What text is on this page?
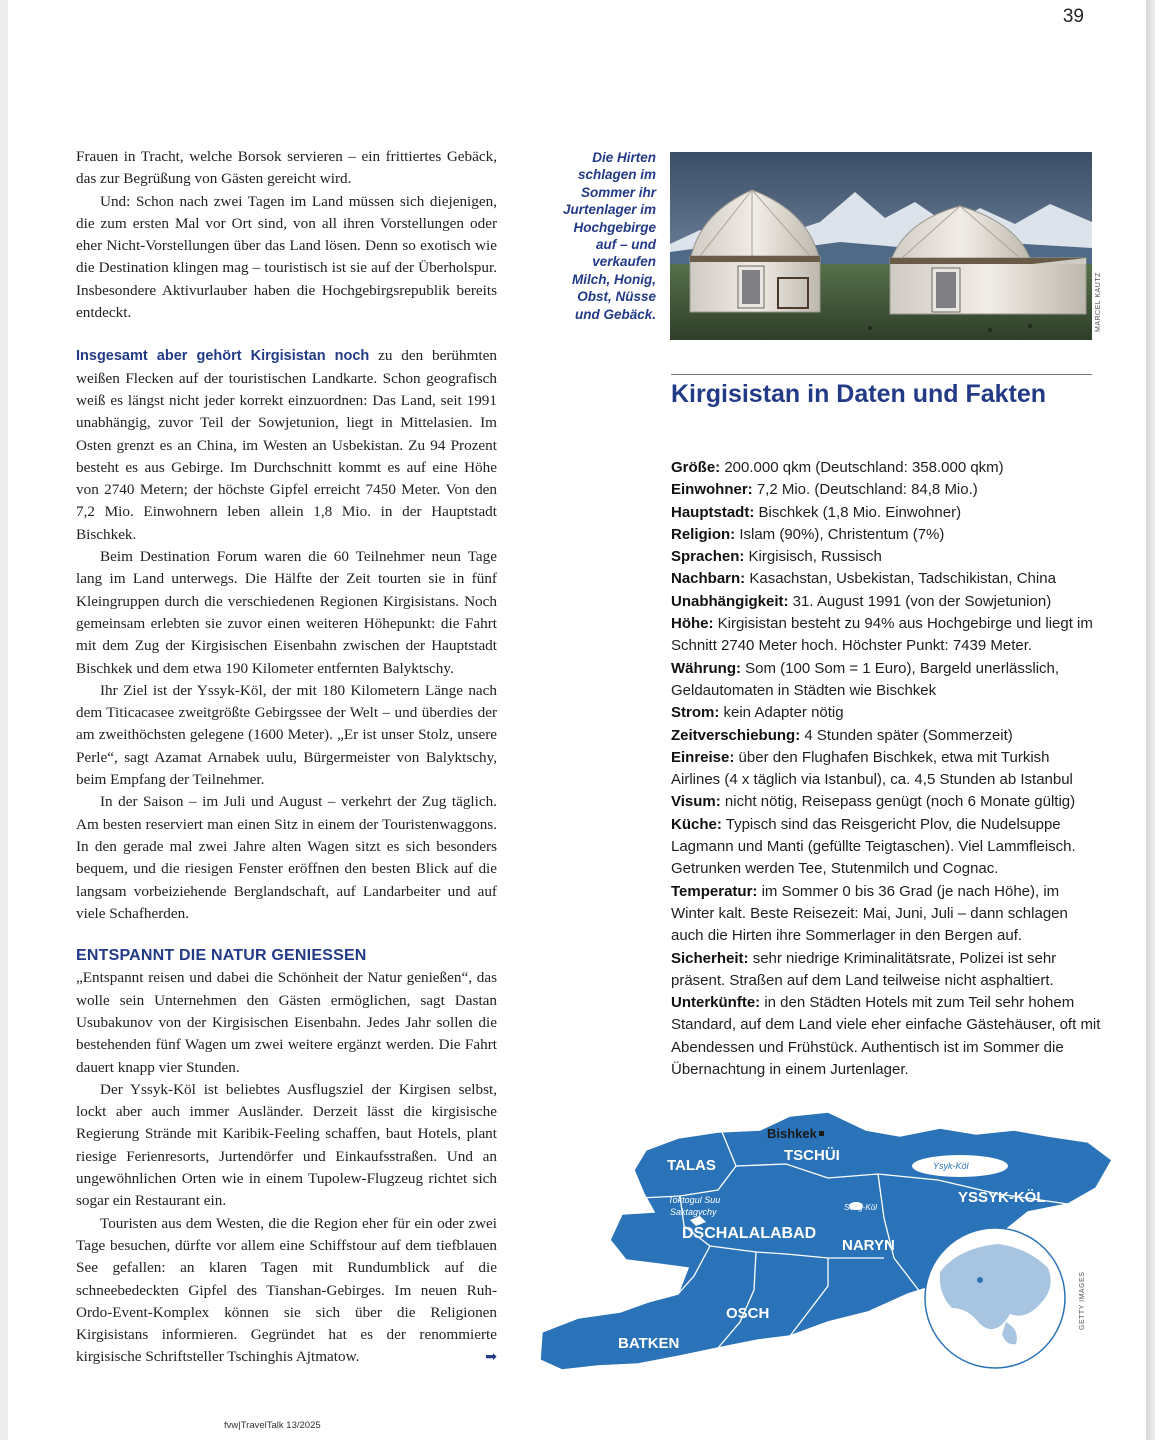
39

Frauen in Tracht, welche Borsok servieren – ein frittiertes Gebäck, das zur Begrüßung von Gästen gereicht wird.

Und: Schon nach zwei Tagen im Land müssen sich diejenigen, die zum ersten Mal vor Ort sind, von all ihren Vorstellungen oder eher Nicht-Vorstellungen über das Land lösen. Denn so exotisch wie die Destination klingen mag – touristisch ist sie auf der Überholspur. Insbesondere Aktivurlauber haben die Hochgebirgsrepublik bereits entdeckt.

Insgesamt aber gehört Kirgisistan noch zu den berühmten weißen Flecken auf der touristischen Landkarte. Schon geografisch weiß es längst nicht jeder korrekt einzuordnen: Das Land, seit 1991 unabhängig, zuvor Teil der Sowjetunion, liegt in Mittelasien. Im Osten grenzt es an China, im Westen an Usbekistan. Zu 94 Prozent besteht es aus Gebirge. Im Durchschnitt kommt es auf eine Höhe von 2740 Metern; der höchste Gipfel erreicht 7450 Meter. Von den 7,2 Mio. Einwohnern leben allein 1,8 Mio. in der Hauptstadt Bischkek.

Beim Destination Forum waren die 60 Teilnehmer neun Tage lang im Land unterwegs. Die Hälfte der Zeit tourten sie in fünf Kleingruppen durch die verschiedenen Regionen Kirgisistans. Noch gemeinsam erlebten sie zuvor einen weiteren Höhepunkt: die Fahrt mit dem Zug der Kirgisischen Eisenbahn zwischen der Hauptstadt Bischkek und dem etwa 190 Kilometer entfernten Balyktschy.

Ihr Ziel ist der Yssyk-Köl, der mit 180 Kilometern Länge nach dem Titicacasee zweitgrößte Gebirgssee der Welt – und überdies der am zweithöchsten gelegene (1600 Meter). „Er ist unser Stolz, unsere Perle“, sagt Azamat Arnabek uulu, Bürgermeister von Balyktschy, beim Empfang der Teilnehmer.

In der Saison – im Juli und August – verkehrt der Zug täglich. Am besten reserviert man einen Sitz in einem der Touristenwaggons. In den gerade mal zwei Jahre alten Wagen sitzt es sich besonders bequem, und die riesigen Fenster eröffnen den besten Blick auf die langsam vorbeiziehende Berglandschaft, auf Landarbeiter und auf viele Schafherden.

ENTSPANNT DIE NATUR GENIESSEN

„Entspannt reisen und dabei die Schönheit der Natur genießen“, das wolle sein Unternehmen den Gästen ermöglichen, sagt Dastan Usubakunov von der Kirgisischen Eisenbahn. Jedes Jahr sollen die bestehenden fünf Wagen um zwei weitere ergänzt werden. Die Fahrt dauert knapp vier Stunden.

Der Yssyk-Köl ist beliebtes Ausflugsziel der Kirgisen selbst, lockt aber auch immer Ausländer. Derzeit lässt die kirgisische Regierung Strände mit Karibik-Feeling schaffen, baut Hotels, plant riesige Ferienresorts, Jurtendörfer und Einkaufsstraßen. Und an ungewöhnlichen Orten wie in einem Tupolew-Flugzeug richtet sich sogar ein Restaurant ein.

Touristen aus dem Westen, die die Region eher für ein oder zwei Tage besuchen, dürfte vor allem eine Schiffstour auf dem tiefblauen See gefallen: an klaren Tagen mit Rundumblick auf die schneebedeckten Gipfel des Tianshan-Gebirges. Im neuen Ruh-Ordo-Event-Komplex können sie sich über die Religionen Kirgisistans informieren. Gegründet hat es der renommierte kirgisische Schriftsteller Tschinghis Ajtmatow.	➡

Die Hirten schlagen im Sommer ihr Jurtenlager im Hochgebirge auf – und verkaufen Milch, Honig, Obst, Nüsse und Gebäck.	MARCEL KAUTZ
Kirgisistan in Daten und Fakten

Größe: 200.000 qkm (Deutschland: 358.000 qkm)

Einwohner: 7,2 Mio. (Deutschland: 84,8 Mio.)

Hauptstadt: Bischkek (1,8 Mio. Einwohner)

Religion: Islam (90%), Christentum (7%)

Sprachen: Kirgisisch, Russisch

Nachbarn: Kasachstan, Usbekistan, Tadschikistan, China

Unabhängigkeit: 31. August 1991 (von der Sowjetunion)

Höhe: Kirgisistan besteht zu 94% aus Hochgebirge und liegt im Schnitt 2740 Meter hoch. Höchster Punkt: 7439 Meter.

Währung: Som (100 Som = 1 Euro), Bargeld unerlässlich, Geldautomaten in Städten wie Bischkek

Strom: kein Adapter nötig

Zeitverschiebung: 4 Stunden später (Sommerzeit)

Einreise: über den Flughafen Bischkek, etwa mit Turkish Airlines (4 x täglich via Istanbul), ca. 4,5 Stunden ab Istanbul

Visum: nicht nötig, Reisepass genügt (noch 6 Monate gültig)

Küche: Typisch sind das Reisgericht Plov, die Nudelsuppe Lagmann und Manti (gefüllte Teigtaschen). Viel Lammfleisch. Getrunken werden Tee, Stutenmilch und Cognac.

Temperatur: im Sommer 0 bis 36 Grad (je nach Höhe), im Winter kalt. Beste Reisezeit: Mai, Juni, Juli – dann schlagen auch die Hirten ihre Sommerlager in den Bergen auf.

Sicherheit: sehr niedrige Kriminalitätsrate, Polizei ist sehr präsent. Straßen auf dem Land teilweise nicht asphaltiert.

Unterkünfte: in den Städten Hotels mit zum Teil sehr hohem Standard, auf dem Land viele eher einfache Gästehäuser, oft mit Abendessen und Frühstück. Authentisch ist im Sommer die Übernachtung in einem Jurtenlager.

Bishkek
TALAS
TSCHÜI
Ysyk-Köl
YSSYK-KÖL
Toktogul Suu
Saktagychy	Song-Köl
DSCHALALABAD
NARYN
OSCH
BATKEN
GETTY IMAGES
fvw|TravelTalk 13/2025
